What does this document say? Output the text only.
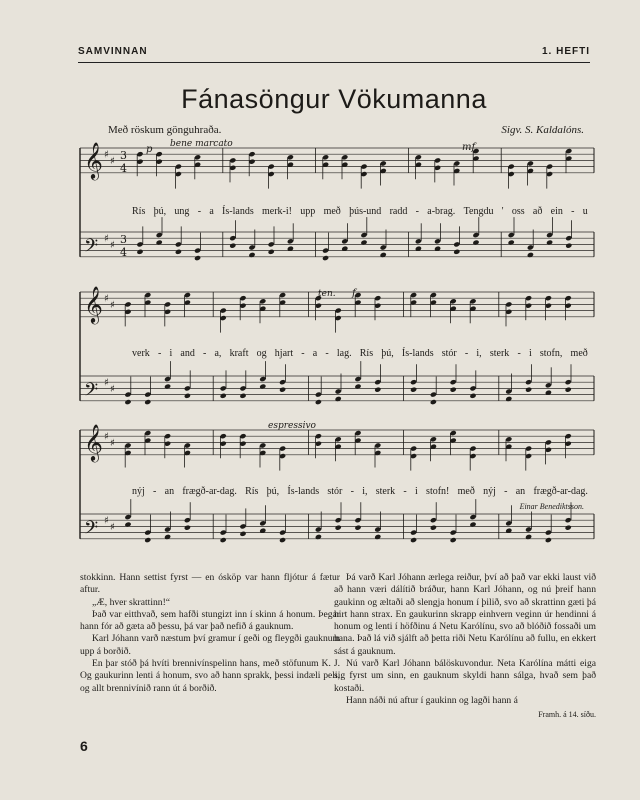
SAMVINNAN	1. HEFTI
Fánasöngur Vökumanna
Með röskum gönguhraða.	Sigv. S. Kaldalóns.
𝄞 ♯
♯ 3
4
𝄢 ♯
♯ 3
4
𝄞 ♯
♯
𝄢 ♯
♯
𝄞 ♯
♯
𝄢 ♯
♯
p bene marcato	mf
ten. f
espressivo
Rís þú, ung - a Ís-lands merk-i! upp með þús-und radd - a-brag. Tengdu ' oss að ein - u
verk - i and - a, kraft og hjart - a - lag. Rís þú, Ís-lands stór - i, sterk - i stofn, með
nýj - an frægð-ar-dag. Rís þú, Ís-lands stór - i, sterk - i stofn! með nýj - an frægð-ar-dag.
Einar Benediktsson.

stokkinn. Hann settist fyrst — en ósköp var hann fljótur á fætur aftur.

„Æ, hver skrattinn!“

Það var eitthvað, sem hafði stungizt inn í skinn á honum. Þegar hann fór að gæta að þessu, þá var það nefið á gauknum.

Karl Jóhann varð næstum því gramur í geði og fleygði gauknum upp á borðið.

En þar stóð þá hvíti brennivínspelinn hans, með stöfunum K. J. Og gaukurinn lenti á honum, svo að hann sprakk, þessi indæli peli, og allt brennivínið rann út á borðið.

Þá varð Karl Jóhann ærlega reiður, því að það var ekki laust við að hann væri dálítið bráður, hann Karl Jóhann, og nú þreif hann gaukinn og æltaði að slengja honum í þilið, svo að skrattinn gæti þá hirt hann strax. En gaukurinn skrapp einhvern veginn úr hendinni á honum og lenti í höfðinu á Netu Karólínu, svo að blóðið fossaði um hana. Það lá við sjálft að þetta riði Netu Karólínu að fullu, en ekkert sást á gauknum.

Nú varð Karl Jóhann bálöskuvondur. Neta Karólína mátti eiga sig fyrst um sinn, en gauknum skyldi hann sálga, hvað sem það kostaði.

Hann náði nú aftur í gaukinn og lagði hann á

Framh. á 14. síðu.
6
